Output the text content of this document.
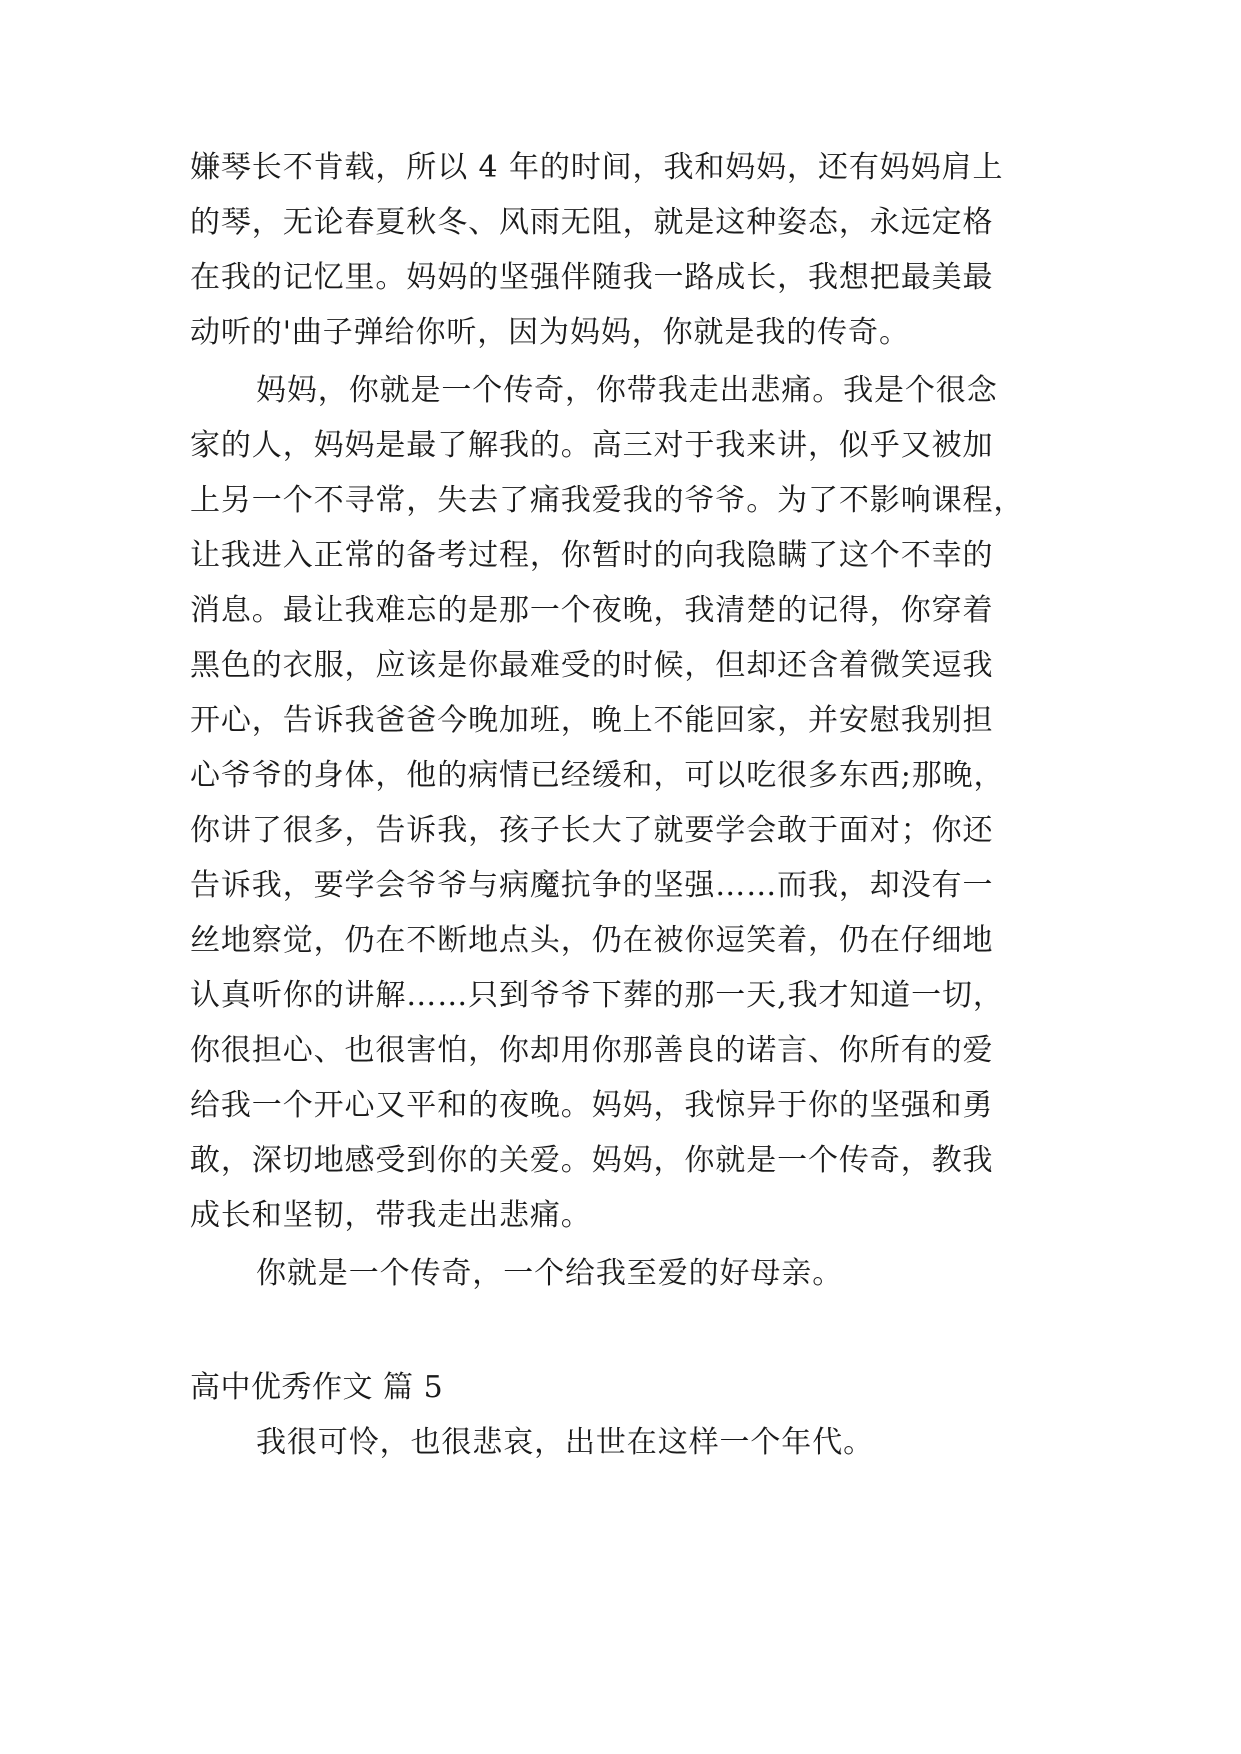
嫌琴长不肯载，所以 4 年的时间，我和妈妈，还有妈妈肩上
的琴，无论春夏秋冬、风雨无阻，就是这种姿态，永远定格
在我的记忆里。妈妈的坚强伴随我一路成长，我想把最美最
动听的'曲子弹给你听，因为妈妈，你就是我的传奇。
妈妈，你就是一个传奇，你带我走出悲痛。我是个很念
家的人，妈妈是最了解我的。高三对于我来讲，似乎又被加
上另一个不寻常，失去了痛我爱我的爷爷。为了不影响课程，
让我进入正常的备考过程，你暂时的向我隐瞒了这个不幸的
消息。最让我难忘的是那一个夜晚，我清楚的记得，你穿着
黑色的衣服，应该是你最难受的时候，但却还含着微笑逗我
开心，告诉我爸爸今晚加班，晚上不能回家，并安慰我别担
心爷爷的身体，他的病情已经缓和，可以吃很多东西;那晚，
你讲了很多，告诉我，孩子长大了就要学会敢于面对；你还
告诉我，要学会爷爷与病魔抗争的坚强……而我，却没有一
丝地察觉，仍在不断地点头，仍在被你逗笑着，仍在仔细地
认真听你的讲解……只到爷爷下葬的那一天,我才知道一切，
你很担心、也很害怕，你却用你那善良的诺言、你所有的爱
给我一个开心又平和的夜晚。妈妈，我惊异于你的坚强和勇
敢，深切地感受到你的关爱。妈妈，你就是一个传奇，教我
成长和坚韧，带我走出悲痛。
你就是一个传奇，一个给我至爱的好母亲。
高中优秀作文 篇 5
我很可怜，也很悲哀，出世在这样一个年代。
